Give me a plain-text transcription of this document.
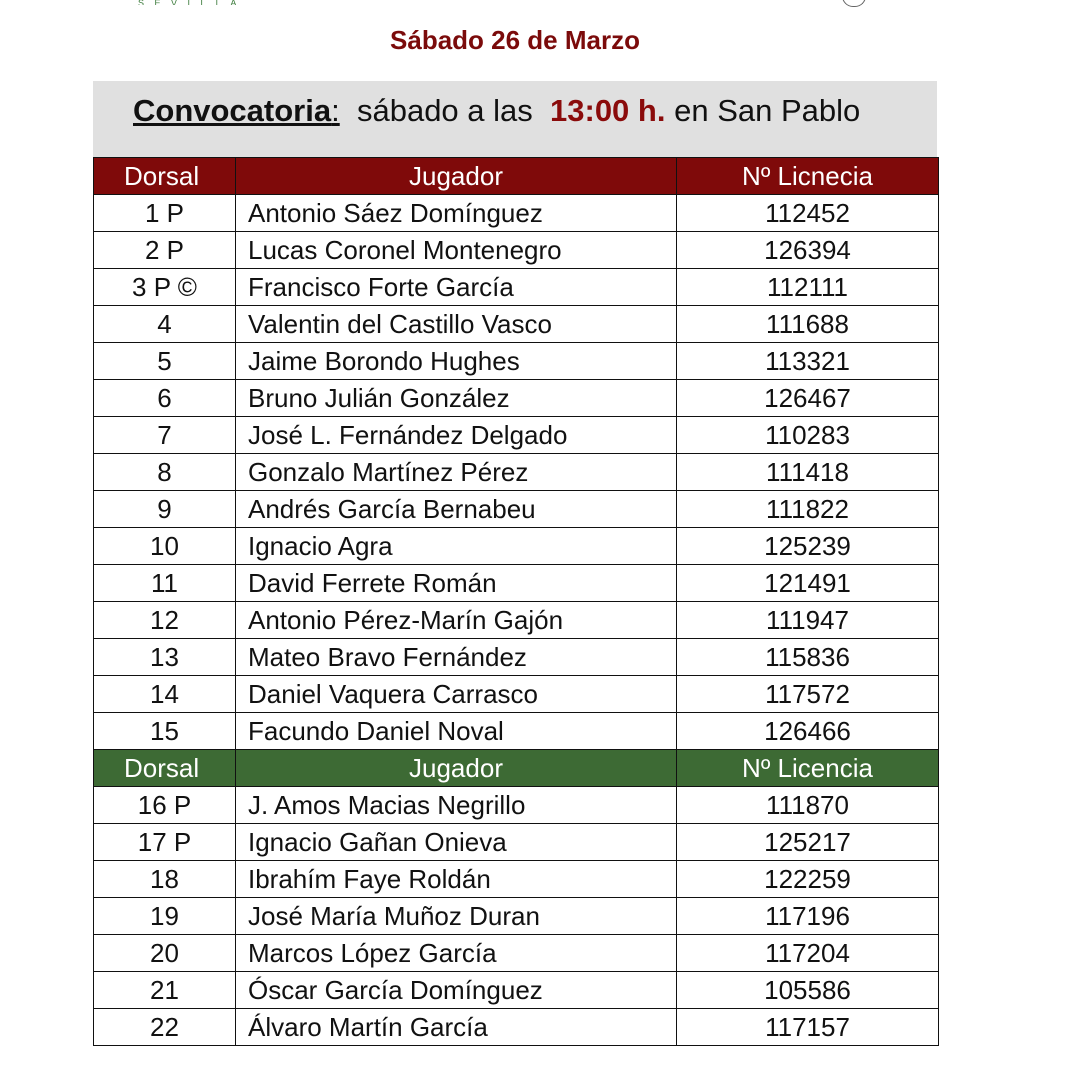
S E V I L L A
Sábado 26 de Marzo
Convocatoria: sábado a las 13:00 h. en San Pablo
Dorsal	Jugador	Nº Licnecia
1 P	Antonio Sáez Domínguez	112452
2 P	Lucas Coronel Montenegro	126394
3 P ©	Francisco Forte García	112111
4	Valentin del Castillo Vasco	111688
5	Jaime Borondo Hughes	113321
6	Bruno Julián González	126467
7	José L. Fernández Delgado	110283
8	Gonzalo Martínez Pérez	111418
9	Andrés García Bernabeu	111822
10	Ignacio Agra	125239
11	David Ferrete Román	121491
12	Antonio Pérez-Marín Gajón	111947
13	Mateo Bravo Fernández	115836
14	Daniel Vaquera Carrasco	117572
15	Facundo Daniel Noval	126466
Dorsal	Jugador	Nº Licencia
16 P	J. Amos Macias Negrillo	111870
17 P	Ignacio Gañan Onieva	125217
18	Ibrahím Faye Roldán	122259
19	José María Muñoz Duran	117196
20	Marcos López García	117204
21	Óscar García Domínguez	105586
22	Álvaro Martín García	117157
